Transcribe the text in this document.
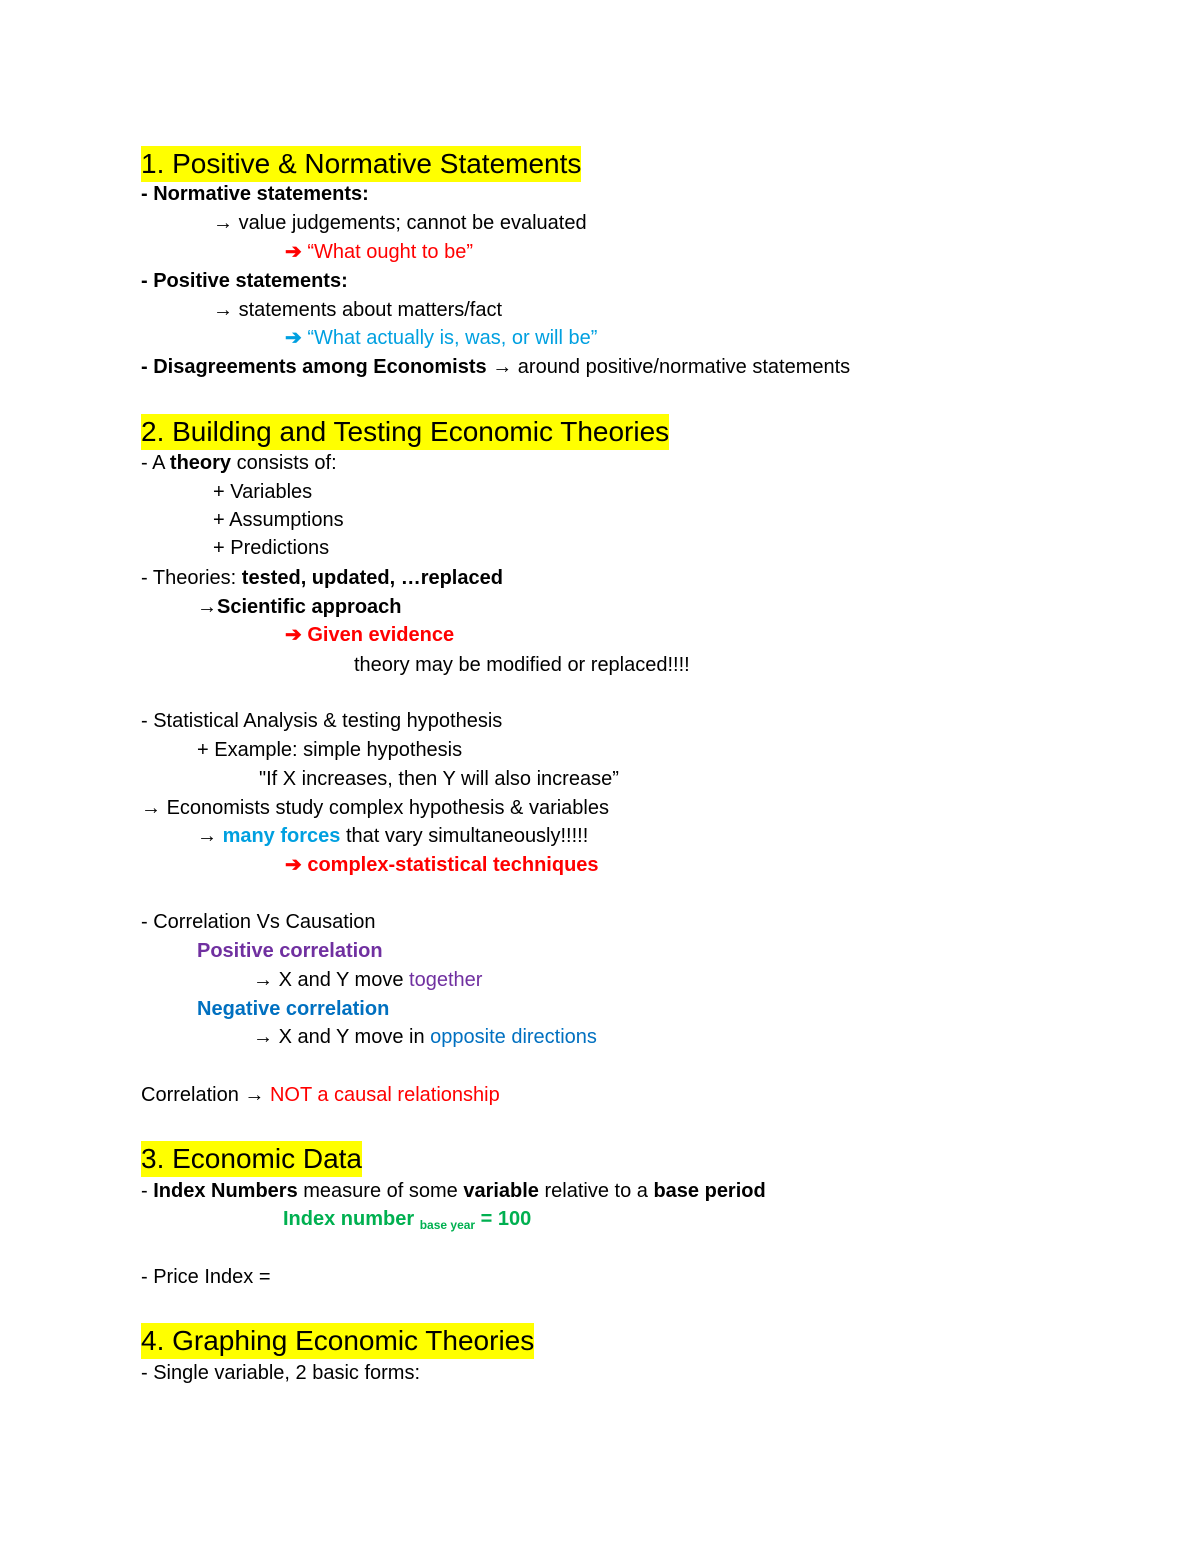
1. Positive & Normative Statements
- Normative statements:
→ value judgements; cannot be evaluated
➔ “What ought to be”
- Positive statements:
→ statements about matters/fact
➔ “What actually is, was, or will be”
- Disagreements among Economists → around positive/normative statements
2. Building and Testing Economic Theories
- A theory consists of:
+ Variables
+ Assumptions
+ Predictions
- Theories: tested, updated, …replaced
→Scientific approach
➔ Given evidence
theory may be modified or replaced!!!!
- Statistical Analysis & testing hypothesis
+ Example: simple hypothesis
"If X increases, then Y will also increase”
→ Economists study complex hypothesis & variables
→ many forces that vary simultaneously!!!!!
➔ complex-statistical techniques
- Correlation Vs Causation
Positive correlation
→ X and Y move together
Negative correlation
→ X and Y move in opposite directions
Correlation → NOT a causal relationship
3. Economic Data
- Index Numbers measure of some variable relative to a base period
Index number $_{base year}$ = 100
- Price Index =
4. Graphing Economic Theories
- Single variable, 2 basic forms:
